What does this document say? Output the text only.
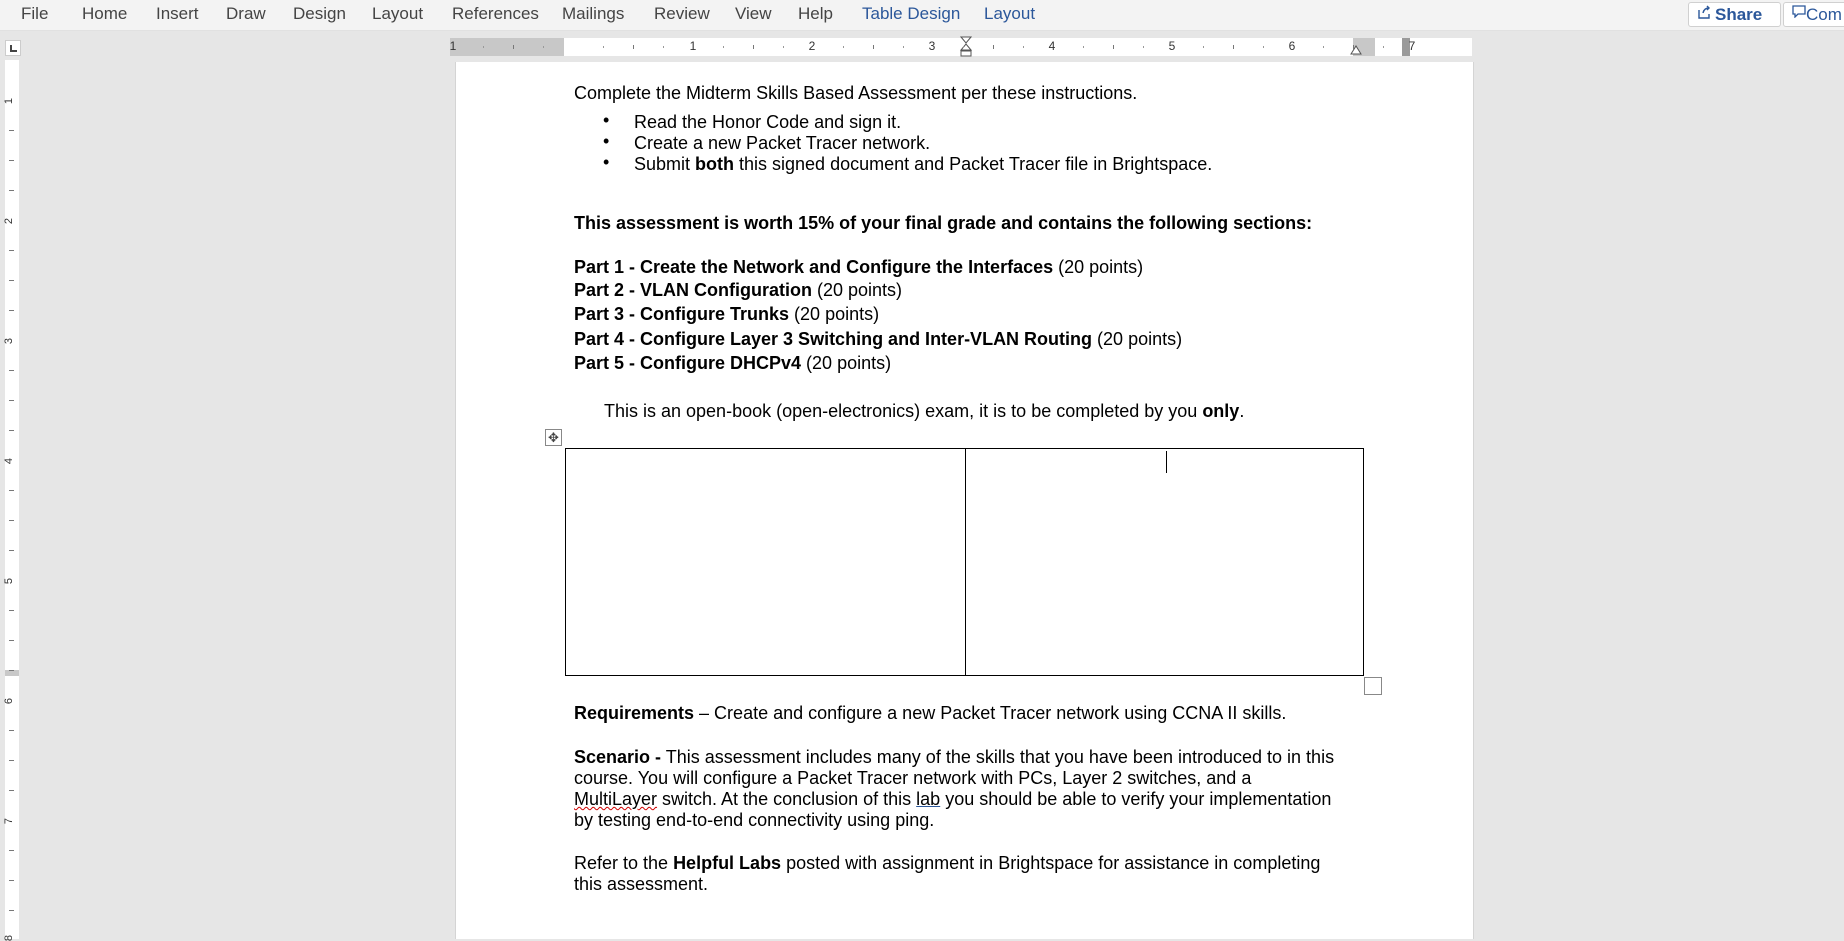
File Home Insert Draw Design Layout References Mailings Review View Help Table Design Layout	Share	Com
1	1	2	3	4	5	6	7
1
2
3
4
5
6
7
8
Complete the Midterm Skills Based Assessment per these instructions.
• Read the Honor Code and sign it.
• Create a new Packet Tracer network.
• Submit both this signed document and Packet Tracer file in Brightspace.
This assessment is worth 15% of your final grade and contains the following sections:
Part 1 - Create the Network and Configure the Interfaces (20 points)
Part 2 - VLAN Configuration (20 points)
Part 3 - Configure Trunks (20 points)
Part 4 - Configure Layer 3 Switching and Inter-VLAN Routing (20 points)
Part 5 - Configure DHCPv4 (20 points)
This is an open-book (open-electronics) exam, it is to be completed by you only.
✥
Requirements – Create and configure a new Packet Tracer network using CCNA II skills.
Scenario - This assessment includes many of the skills that you have been introduced to in this
course. You will configure a Packet Tracer network with PCs, Layer 2 switches, and a
MultiLayer switch. At the conclusion of this lab you should be able to verify your implementation
by testing end-to-end connectivity using ping.
Refer to the Helpful Labs posted with assignment in Brightspace for assistance in completing
this assessment.
